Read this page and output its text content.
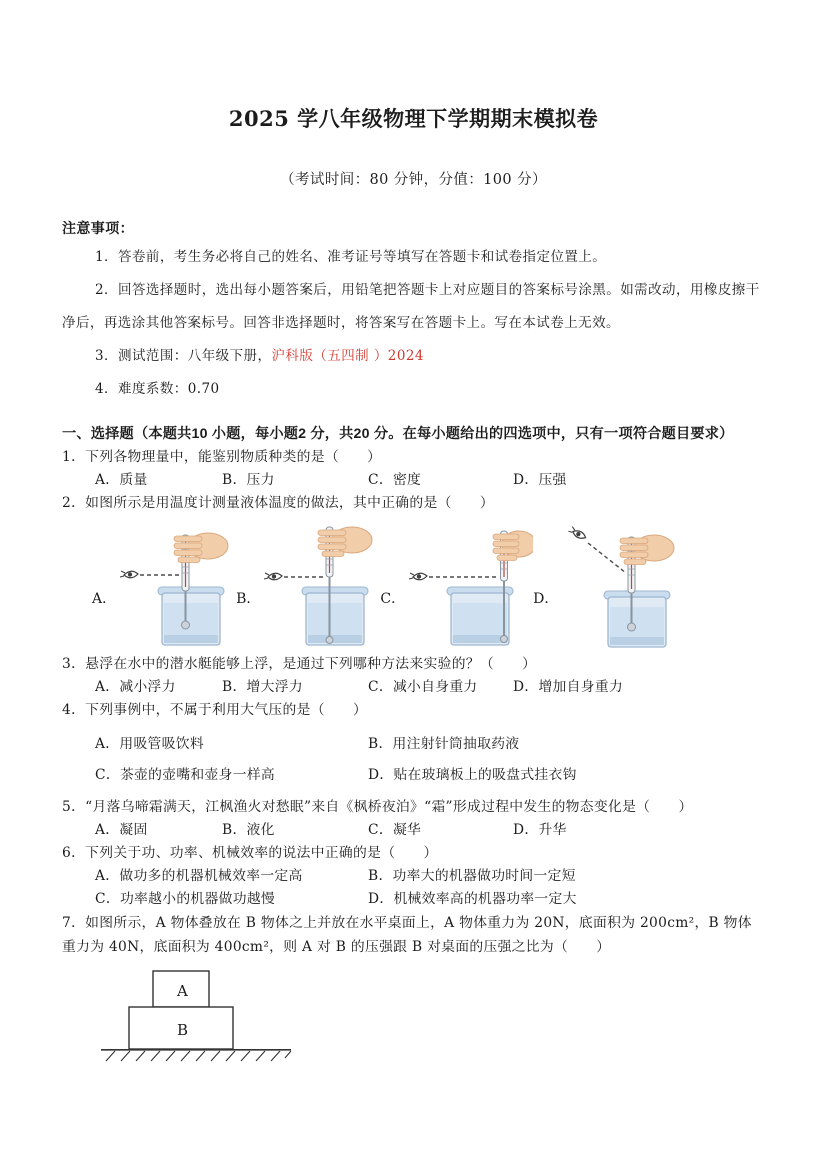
2025 学八年级物理下学期期末模拟卷
（考试时间：80 分钟，分值：100 分）
注意事项：

1．答卷前，考生务必将自己的姓名、准考证号等填写在答题卡和试卷指定位置上。

2．回答选择题时，选出每小题答案后，用铅笔把答题卡上对应题目的答案标号涂黑。如需改动，用橡皮擦干净后，再选涂其他答案标号。回答非选择题时，将答案写在答题卡上。写在本试卷上无效。

3．测试范围：八年级下册，沪科版（五四制 ）2024

4．难度系数：0.70

一、选择题（本题共10 小题，每小题2 分，共20 分。在每小题给出的四选项中，只有一项符合题目要求）

1．下列各物理量中，能鉴别物质种类的是（　　）

A．质量	B．压力	C．密度	D．压强

2．如图所示是用温度计测量液体温度的做法，其中正确的是（　　）

A．	B．	C．	D．

3．悬浮在水中的潜水艇能够上浮，是通过下列哪种方法来实验的？（　　）

A．减小浮力	B．增大浮力	C．减小自身重力	D．增加自身重力

4．下列事例中，不属于利用大气压的是（　　）

A．用吸管吸饮料	B．用注射针筒抽取药液
C．茶壶的壶嘴和壶身一样高	D．贴在玻璃板上的吸盘式挂衣钩

5．“月落乌啼霜满天，江枫渔火对愁眠”来自《枫桥夜泊》“霜”形成过程中发生的物态变化是（　　）

A．凝固	B．液化	C．凝华	D．升华

6．下列关于功、功率、机械效率的说法中正确的是（　　）

A．做功多的机器机械效率一定高	B．功率大的机器做功时间一定短
C．功率越小的机器做功越慢	D．机械效率高的机器功率一定大

7．如图所示，A 物体叠放在 B 物体之上并放在水平桌面上，A 物体重力为 20N，底面积为 200cm²，B 物体重力为 40N，底面积为 400cm²，则 A 对 B 的压强跟 B 对桌面的压强之比为（　　）

A
B
